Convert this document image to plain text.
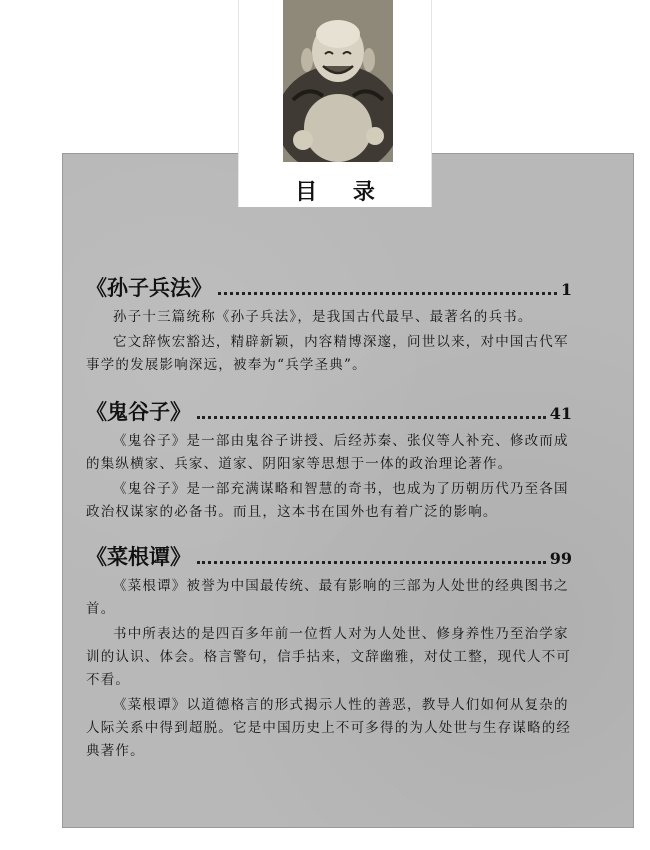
目 录
《孙子兵法》	1

孙子十三篇统称《孙子兵法》，是我国古代最早、最著名的兵书。

它文辞恢宏豁达，精辟新颖，内容精博深邃，问世以来，对中国古代军事学的发展影响深远，被奉为“兵学圣典”。

《鬼谷子》	41

《鬼谷子》是一部由鬼谷子讲授、后经苏秦、张仪等人补充、修改而成的集纵横家、兵家、道家、阴阳家等思想于一体的政治理论著作。

《鬼谷子》是一部充满谋略和智慧的奇书，也成为了历朝历代乃至各国政治权谋家的必备书。而且，这本书在国外也有着广泛的影响。

《菜根谭》	99

《菜根谭》被誉为中国最传统、最有影响的三部为人处世的经典图书之首。

书中所表达的是四百多年前一位哲人对为人处世、修身养性乃至治学家训的认识、体会。格言警句，信手拈来，文辞幽雅，对仗工整，现代人不可不看。

《菜根谭》以道德格言的形式揭示人性的善恶，教导人们如何从复杂的人际关系中得到超脱。它是中国历史上不可多得的为人处世与生存谋略的经典著作。
